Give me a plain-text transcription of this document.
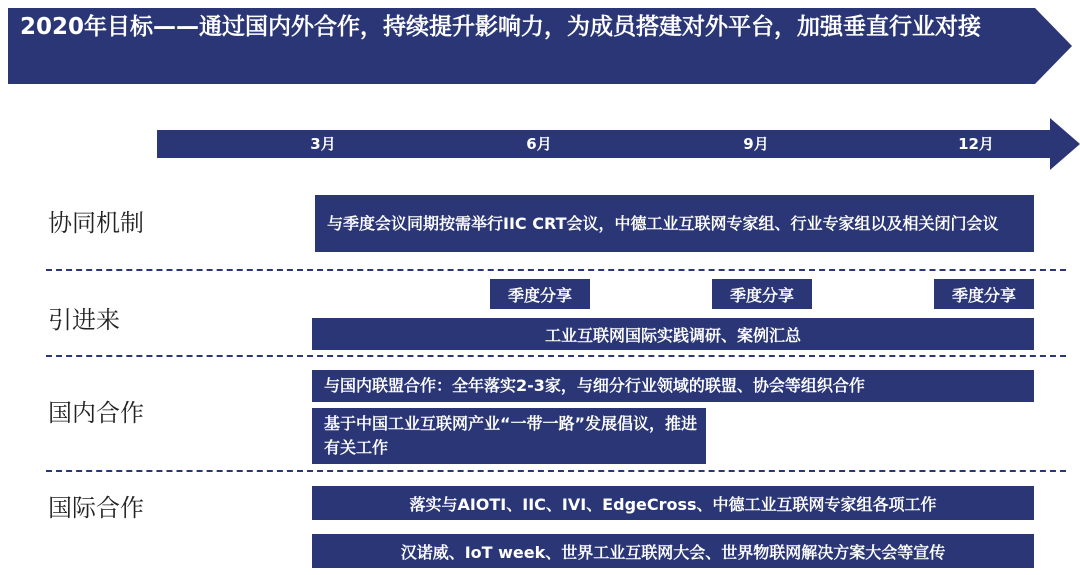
2020年目标——通过国内外合作，持续提升影响力，为成员搭建对外平台，加强垂直行业对接
3月	6月	9月	12月
协同机制	与季度会议同期按需举行IIC CRT会议，中德工业互联网专家组、行业专家组以及相关闭门会议
引进来
季度分享	季度分享	季度分享
工业互联网国际实践调研、案例汇总
国内合作
与国内联盟合作：全年落实2-3家，与细分行业领域的联盟、协会等组织合作
基于中国工业互联网产业“一带一路”发展倡议，推进有关工作
国际合作	落实与AIOTI、IIC、IVI、EdgeCross、中德工业互联网专家组各项工作
汉诺威、IoT week、世界工业互联网大会、世界物联网解决方案大会等宣传
